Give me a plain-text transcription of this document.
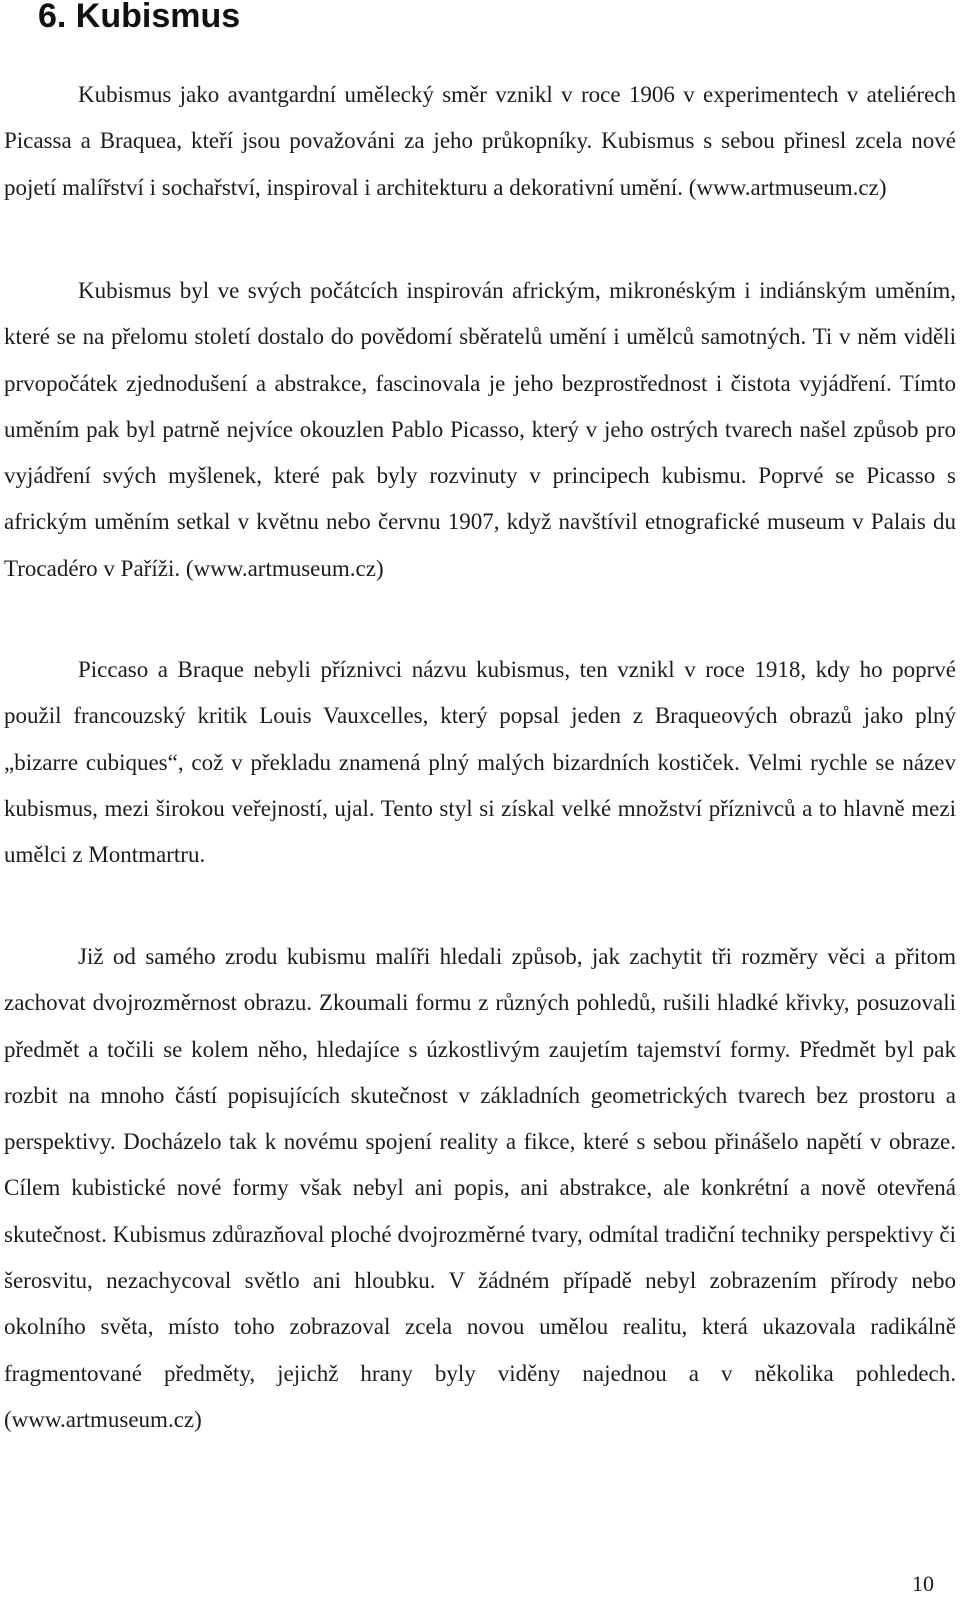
6. Kubismus

Kubismus jako avantgardní umělecký směr vznikl v roce 1906 v experimentech v ateliérech Picassa a Braquea, kteří jsou považováni za jeho průkopníky. Kubismus s sebou přinesl zcela nové pojetí malířství i sochařství, inspiroval i architekturu a dekorativní umění. (www.artmuseum.cz)

Kubismus byl ve svých počátcích inspirován africkým, mikronéským i indiánským uměním, které se na přelomu století dostalo do povědomí sběratelů umění i umělců samotných. Ti v něm viděli prvopočátek zjednodušení a abstrakce, fascinovala je jeho bezprostřednost i čistota vyjádření. Tímto uměním pak byl patrně nejvíce okouzlen Pablo Picasso, který v jeho ostrých tvarech našel způsob pro vyjádření svých myšlenek, které pak byly rozvinuty v principech kubismu. Poprvé se Picasso s africkým uměním setkal v květnu nebo červnu 1907, když navštívil etnografické museum v Palais du Trocadéro v Paříži. (www.artmuseum.cz)

Piccaso a Braque nebyli příznivci názvu kubismus, ten vznikl v roce 1918, kdy ho poprvé použil francouzský kritik Louis Vauxcelles, který popsal jeden z Braqueových obrazů jako plný „bizarre cubiques“, což v překladu znamená plný malých bizardních kostiček. Velmi rychle se název kubismus, mezi širokou veřejností, ujal. Tento styl si získal velké množství příznivců a to hlavně mezi umělci z Montmartru.

Již od samého zrodu kubismu malíři hledali způsob, jak zachytit tři rozměry věci a přitom zachovat dvojrozměrnost obrazu. Zkoumali formu z různých pohledů, rušili hladké křivky, posuzovali předmět a točili se kolem něho, hledajíce s úzkostlivým zaujetím tajemství formy. Předmět byl pak rozbit na mnoho částí popisujících skutečnost v základních geometrických tvarech bez prostoru a perspektivy. Docházelo tak k novému spojení reality a fikce, které s sebou přinášelo napětí v obraze. Cílem kubistické nové formy však nebyl ani popis, ani abstrakce, ale konkrétní a nově otevřená skutečnost. Kubismus zdůrazňoval ploché dvojrozměrné tvary, odmítal tradiční techniky perspektivy či šerosvitu, nezachycoval světlo ani hloubku. V žádném případě nebyl zobrazením přírody nebo okolního světa, místo toho zobrazoval zcela novou umělou realitu, která ukazovala radikálně fragmentované předměty, jejichž hrany byly viděny najednou a v několika pohledech. (www.artmuseum.cz)

10
